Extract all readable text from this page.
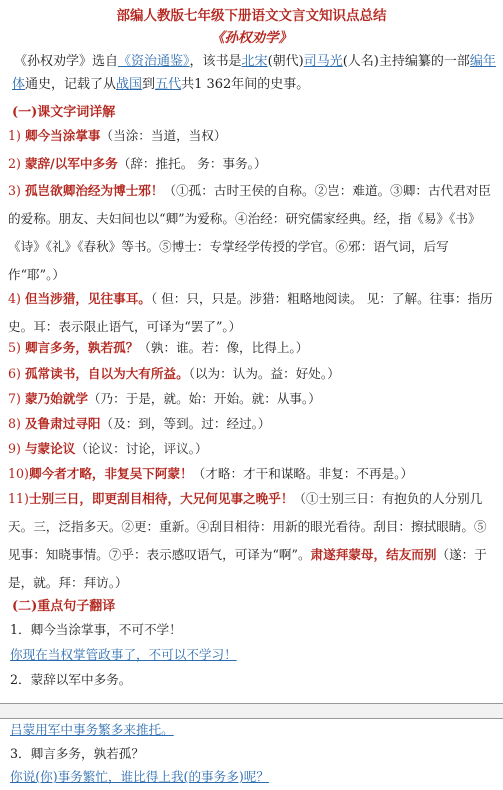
部编人教版七年级下册语文文言文知识点总结
《孙权劝学》
《孙权劝学》选自《资治通鉴》，该书是北宋(朝代)司马光(人名)主持编纂的一部编年体通史，记载了从战国到五代共1 362年间的史事。
(一)课文字词详解
1) 卿今当涂掌事（当涂：当道，当权）
2) 蒙辞/以军中多务（辞：推托。 务：事务。）
3) 孤岂欲卿治经为博士邪！（①孤：古时王侯的自称。②岂：难道。③卿：古代君对臣的爱称。朋友、夫妇间也以“卿”为爱称。④治经：研究儒家经典。经，指《易》《书》《诗》《礼》《春秋》等书。⑤博士：专掌经学传授的学官。⑥邪：语气词，后写作“耶”。）
4) 但当涉猎，见往事耳。（ 但：只，只是。涉猎：粗略地阅读。 见：了解。往事：指历史。耳：表示限止语气，可译为“罢了”。）
5) 卿言多务，孰若孤？（孰：谁。若：像，比得上。）
6) 孤常读书，自以为大有所益。（以为：认为。益：好处。）
7) 蒙乃始就学（乃：于是，就。始：开始。就：从事。）
8) 及鲁肃过寻阳（及：到，等到。过：经过。）
9) 与蒙论议（论议：讨论，评议。）
10)卿今者才略，非复吴下阿蒙！（才略：才干和谋略。非复：不再是。）
11)士别三日，即更刮目相待，大兄何见事之晚乎！（①士别三日：有抱负的人分别几天。三，泛指多天。②更：重新。④刮目相待：用新的眼光看待。刮目：擦拭眼睛。⑤见事：知晓事情。⑦乎：表示感叹语气，可译为“啊”。肃遂拜蒙母，结友而别（遂：于是，就。拜：拜访。）
(二)重点句子翻译
1．卿今当涂掌事，不可不学！
你现在当权掌管政事了，不可以不学习！
2．蒙辞以军中多务。
吕蒙用军中事务繁多来推托。
3．卿言多务，孰若孤？
你说(你)事务繁忙，谁比得上我(的事务多)呢？
